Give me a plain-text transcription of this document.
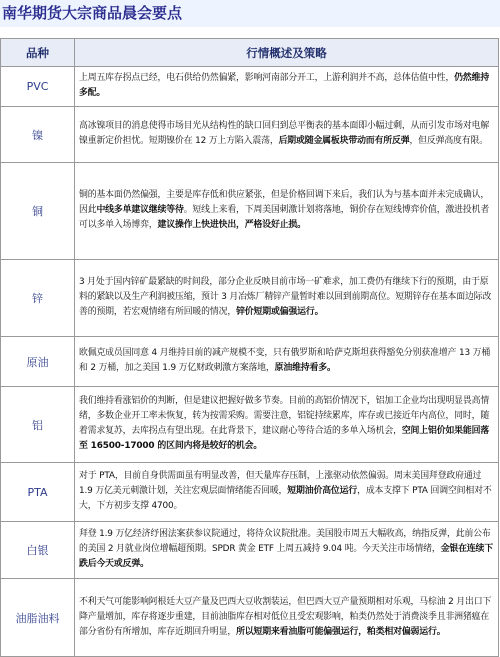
南华期货大宗商品晨会要点
品种	行情概述及策略
PVC	上周五库存拐点已经，电石供给仍然偏紧，影响河南部分开工，上游利润并不高，总体估值中性，仍然维持多配。
镍	高冰镍项目的消息使得市场目光从结构性的缺口回归到总平衡表的基本面即小幅过剩，从而引发市场对电解镍重新定价担忧。短期镍价在 12 万上方陷入震荡，后期或随金属板块带动而有所反弹，但反弹高度有限。
铜	铜的基本面仍然偏强，主要是库存低和供应紧张，但是价格回调下来后，我们认为与基本面并未完成确认，因此中线多单建议继续等待。短线上来看，下周美国刺激计划将落地，铜价存在短线博弈价值，激进投机者可以多单入场博弈，建议操作上快进快出，严格设好止损。
锌	3 月处于国内锌矿最紧缺的时间段，部分企业反映目前市场一矿难求，加工费仍有继续下行的预期，由于原料的紧缺以及生产利润被压缩，预计 3 月冶炼厂精锌产量暂时难以回到前期高位。短期锌存在基本面边际改善的预期，若宏观情绪有所回暖的情况，锌价短期或偏强运行。
原油	欧佩克成员国同意 4 月维持目前的减产规模不变，只有俄罗斯和哈萨克斯坦获得豁免分别获准增产 13 万桶和 2 万桶，加之美国 1.9 万亿财政刺激方案落地，原油维持看多。
铝	我们维持看涨铝价的判断，但是建议把握好做多节奏。目前的高铝价情况下，铝加工企业均出现明显畏高情绪，多数企业开工率未恢复，转为按需采购。需要注意，铝锭持续累库，库存或已接近年内高位，同时，随着需求复苏，去库拐点有望出现。在此背景下，建议耐心等待合适的多单入场机会，空间上铝价如果能回落至 16500-17000 的区间内将是较好的机会。
PTA	对于 PTA，目前自身供需面虽有明显改善，但天量库存压制，上涨驱动依然偏弱。周末美国拜登政府通过 1.9 万亿美元刺激计划，关注宏观层面情绪能否回暖，短期油价高位运行，成本支撑下 PTA 回调空间相对不大，下方初步支撑 4700。
白银	拜登 1.9 万亿经济纾困法案获参议院通过，将待众议院批准。美国股市周五大幅收高，纳指反弹，此前公布的美国 2 月就业岗位增幅超预期。SPDR 黄金 ETF 上周五减持 9.04 吨。今天关注市场情绪，金银在连续下跌后今天或反弹。
油脂油料	不利天气可能影响阿根廷大豆产量及巴西大豆收割装运，但巴西大豆产量预期相对乐观，马棕油 2 月出口下降产量增加，库存将逐步重建，目前油脂库存相对低位且受宏观影响，粕类仍然处于消费淡季且非洲猪瘟在部分省份有所增加，库存近期回升明显，所以短期来看油脂可能偏强运行，粕类相对偏弱运行。
